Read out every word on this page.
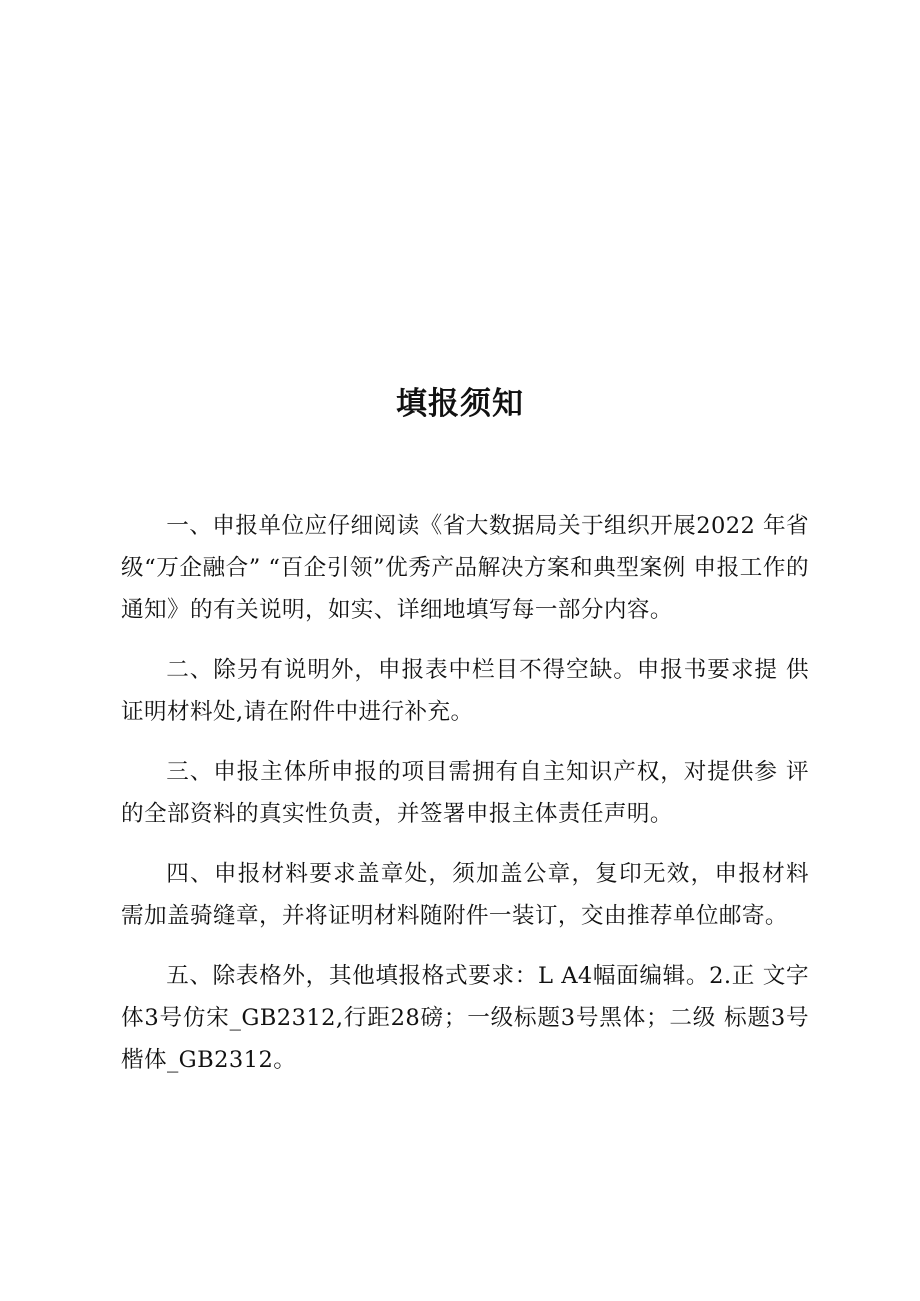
填报须知

一、申报单位应仔细阅读《省大数据局关于组织开展2022 年省级“万企融合” “百企引领”优秀产品解决方案和典型案例 申报工作的通知》的有关说明，如实、详细地填写每一部分内容。

二、除另有说明外，申报表中栏目不得空缺。申报书要求提 供证明材料处,请在附件中进行补充。

三、申报主体所申报的项目需拥有自主知识产权，对提供参 评的全部资料的真实性负责，并签署申报主体责任声明。

四、申报材料要求盖章处，须加盖公章，复印无效，申报材料需加盖骑缝章，并将证明材料随附件一装订，交由推荐单位邮寄。

五、除表格外，其他填报格式要求：L A4幅面编辑。2.正 文字体3号仿宋_GB2312,行距28磅；一级标题3号黑体；二级 标题3号楷体_GB2312。
